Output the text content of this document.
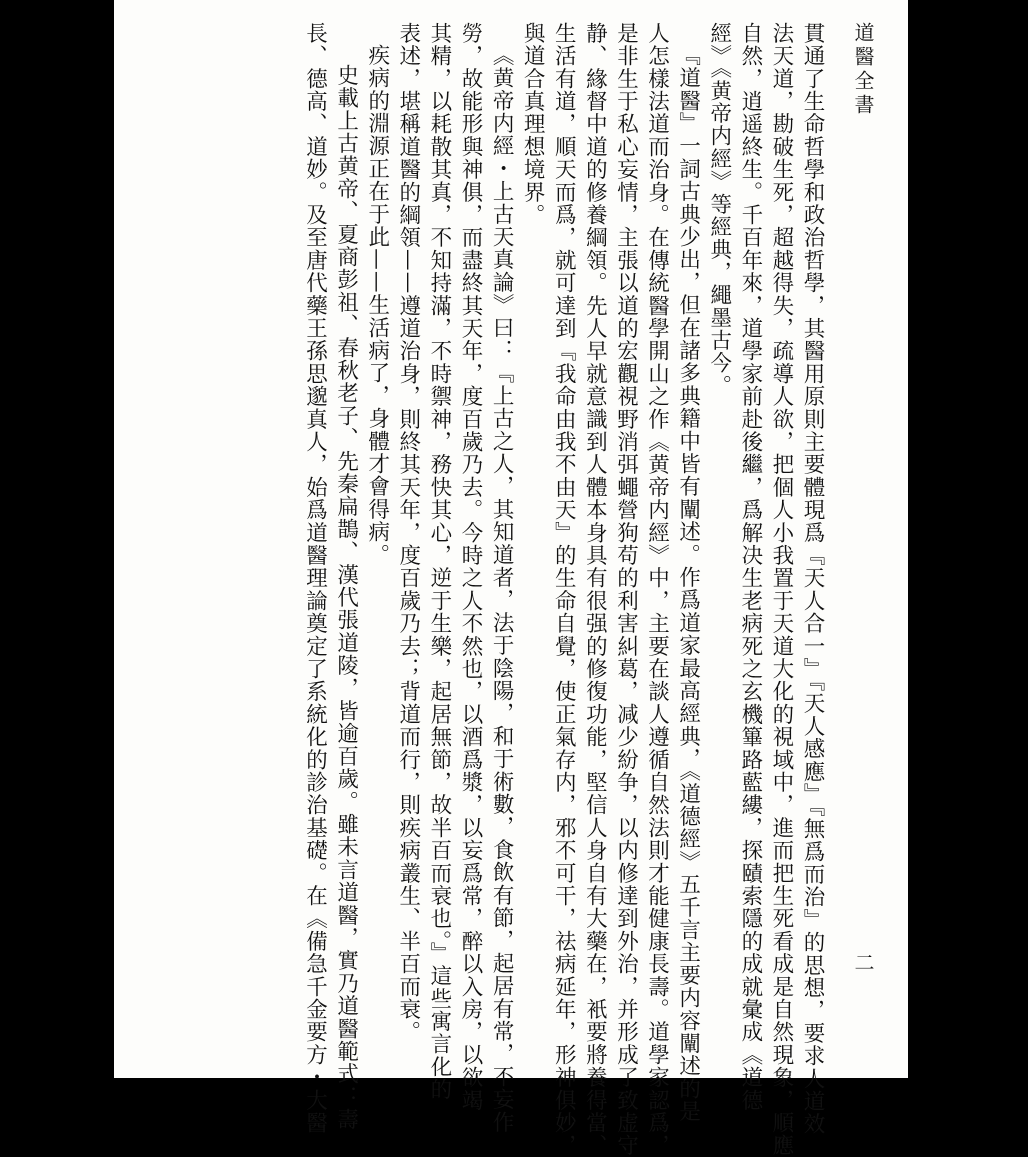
道醫全書
二
貫通了生命哲學和政治哲學，其醫用原則主要體現爲『天人合一』『天人感應』『無爲而治』的思想，要求人道效
法天道，勘破生死，超越得失，疏導人欲，把個人小我置于天道大化的視域中，進而把生死看成是自然現象，順應
自然，逍遥終生。千百年來，道學家前赴後繼，爲解决生老病死之玄機篳路藍縷，探賾索隱的成就彙成《道德
經》《黄帝内經》等經典，繩墨古今。
『道醫』一詞古典少出，但在諸多典籍中皆有闡述。作爲道家最高經典，《道德經》五千言主要内容闡述的是
人怎樣法道而治身。在傳統醫學開山之作《黄帝内經》中，主要在談人遵循自然法則才能健康長壽。道學家認爲，
是非生于私心妄情，主張以道的宏觀視野消弭蠅營狗苟的利害糾葛，减少紛争，以内修達到外治，并形成了致虚守
静、緣督中道的修養綱領。先人早就意識到人體本身具有很强的修復功能，堅信人身自有大藥在，衹要將養得當、
生活有道，順天而爲，就可達到『我命由我不由天』的生命自覺，使正氣存内，邪不可干，祛病延年，形神俱妙，
與道合真理想境界。
《黄帝内經・上古天真論》曰：『上古之人，其知道者，法于陰陽，和于術數，食飲有節，起居有常，不妄作
勞，故能形與神俱，而盡終其天年，度百歲乃去。今時之人不然也，以酒爲漿，以妄爲常，醉以入房，以欲竭
其精，以耗散其真，不知持滿，不時禦神，務快其心，逆于生樂，起居無節，故半百而衰也。』這些寓言化的
表述，堪稱道醫的綱領——遵道治身，則終其天年，度百歲乃去；背道而行，則疾病叢生、半百而衰。
疾病的淵源正在于此——生活病了，身體才會得病。
史載上古黄帝、夏商彭祖、春秋老子、先秦扁鵲、漢代張道陵，皆逾百歲。雖未言道醫，實乃道醫範式：壽
長、德高、道妙。及至唐代藥王孫思邈真人，始爲道醫理論奠定了系統化的診治基礎。在《備急千金要方・大醫
